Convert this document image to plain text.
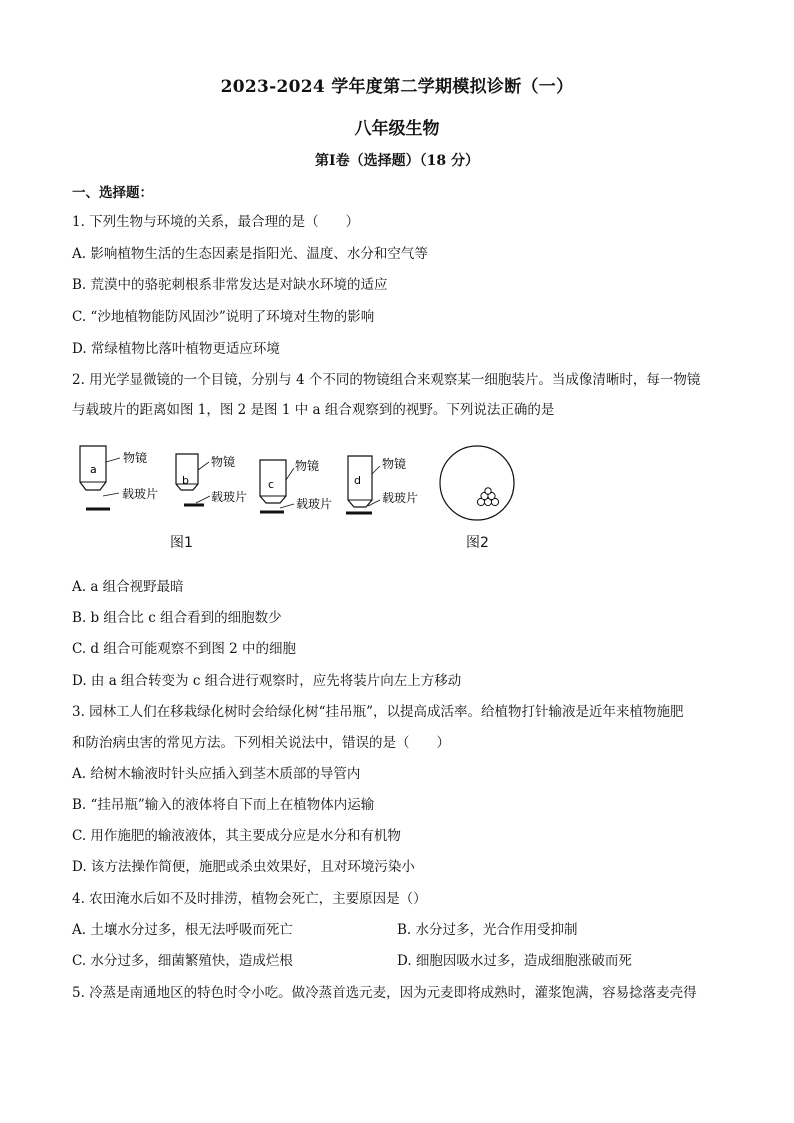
2023-2024 学年度第二学期模拟诊断（一）
八年级生物
第Ⅰ卷（选择题）（18 分）
一、选择题：
1. 下列生物与环境的关系，最合理的是（　　）
A. 影响植物生活的生态因素是指阳光、温度、水分和空气等
B. 荒漠中的骆驼刺根系非常发达是对缺水环境的适应
C. “沙地植物能防风固沙”说明了环境对生物的影响
D. 常绿植物比落叶植物更适应环境
2. 用光学显微镜的一个目镜，分别与 4 个不同的物镜组合来观察某一细胞装片。当成像清晰时，每一物镜
与载玻片的距离如图 1，图 2 是图 1 中 a 组合观察到的视野。下列说法正确的是
a
物镜
载玻片
b
物镜
载玻片
c
物镜
载玻片
d
物镜
载玻片
图1	图2
A. a 组合视野最暗
B. b 组合比 c 组合看到的细胞数少
C. d 组合可能观察不到图 2 中的细胞
D. 由 a 组合转变为 c 组合进行观察时，应先将装片向左上方移动
3. 园林工人们在移栽绿化树时会给绿化树“挂吊瓶”，以提高成活率。给植物打针输液是近年来植物施肥
和防治病虫害的常见方法。下列相关说法中，错误的是（　　）
A. 给树木输液时针头应插入到茎木质部的导管内
B. “挂吊瓶”输入的液体将自下而上在植物体内运输
C. 用作施肥的输液液体，其主要成分应是水分和有机物
D. 该方法操作简便，施肥或杀虫效果好，且对环境污染小
4. 农田淹水后如不及时排涝，植物会死亡，主要原因是（）
A. 土壤水分过多，根无法呼吸而死亡	B. 水分过多，光合作用受抑制
C. 水分过多，细菌繁殖快，造成烂根	D. 细胞因吸水过多，造成细胞涨破而死
5. 冷蒸是南通地区的特色时令小吃。做冷蒸首选元麦，因为元麦即将成熟时，灌浆饱满，容易捻落麦壳得
